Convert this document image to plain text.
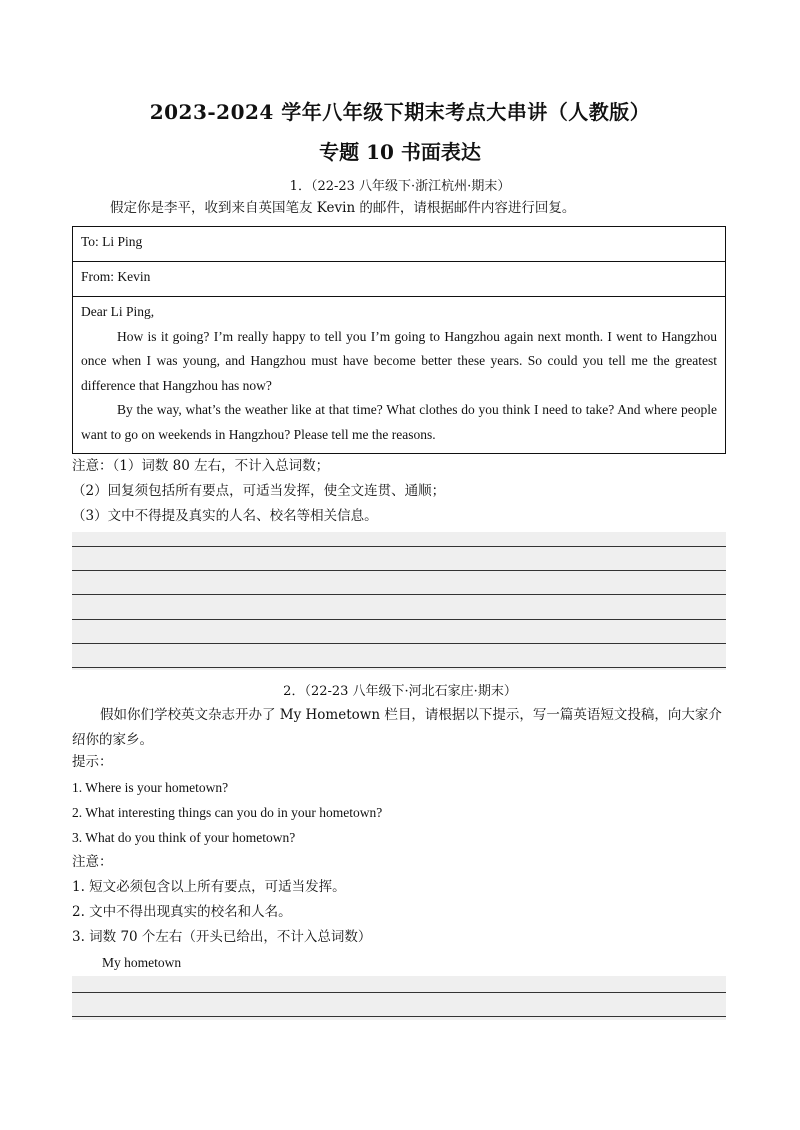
2023-2024 学年八年级下期末考点大串讲（人教版）
专题 10 书面表达
1．（22-23 八年级下·浙江杭州·期末）
假定你是李平，收到来自英国笔友 Kevin 的邮件，请根据邮件内容进行回复。
To: Li Ping
From: Kevin

Dear Li Ping,

How is it going? I’m really happy to tell you I’m going to Hangzhou again next month. I went to Hangzhou once when I was young, and Hangzhou must have become better these years. So could you tell me the greatest difference that Hangzhou has now?

By the way, what’s the weather like at that time? What clothes do you think I need to take? And where people want to go on weekends in Hangzhou? Please tell me the reasons.

注意：（1）词数 80 左右，不计入总词数；
（2）回复须包括所有要点，可适当发挥，使全文连贯、通顺；
（3）文中不得提及真实的人名、校名等相关信息。
2．（22-23 八年级下·河北石家庄·期末）
假如你们学校英文杂志开办了 My Hometown 栏目，请根据以下提示，写一篇英语短文投稿，向大家介绍你的家乡。
提示：
1. Where is your hometown?
2. What interesting things can you do in your hometown?
3. What do you think of your hometown?
注意：
1. 短文必须包含以上所有要点，可适当发挥。
2. 文中不得出现真实的校名和人名。
3. 词数 70 个左右（开头已给出，不计入总词数）
My hometown
